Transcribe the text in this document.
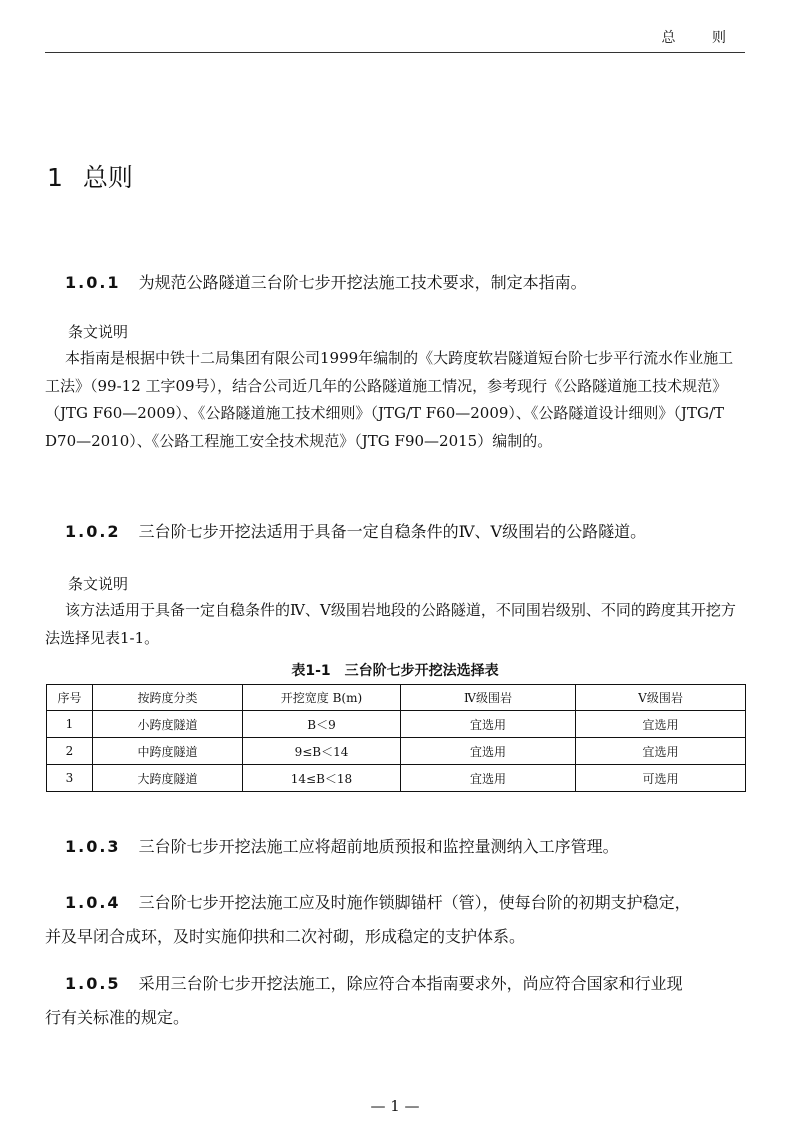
总 则
1 总则
1.0.1 为规范公路隧道三台阶七步开挖法施工技术要求，制定本指南。
条文说明
本指南是根据中铁十二局集团有限公司1999年编制的《大跨度软岩隧道短台阶七步平行流水作业施工工法》（99-12 工字09号），结合公司近几年的公路隧道施工情况，参考现行《公路隧道施工技术规范》（JTG F60—2009）、《公路隧道施工技术细则》（JTG/T F60—2009）、《公路隧道设计细则》（JTG/T D70—2010）、《公路工程施工安全技术规范》（JTG F90—2015）编制的。
1.0.2 三台阶七步开挖法适用于具备一定自稳条件的Ⅳ、Ⅴ级围岩的公路隧道。
条文说明
该方法适用于具备一定自稳条件的Ⅳ、Ⅴ级围岩地段的公路隧道，不同围岩级别、不同的跨度其开挖方法选择见表1-1。
表1-1 三台阶七步开挖法选择表
序号	按跨度分类	开挖宽度 B(m)	Ⅳ级围岩	Ⅴ级围岩
1	小跨度隧道	B＜9	宜选用	宜选用
2	中跨度隧道	9≤B＜14	宜选用	宜选用
3	大跨度隧道	14≤B＜18	宜选用	可选用
1.0.3 三台阶七步开挖法施工应将超前地质预报和监控量测纳入工序管理。
1.0.4 三台阶七步开挖法施工应及时施作锁脚锚杆（管），使每台阶的初期支护稳定，
并及早闭合成环，及时实施仰拱和二次衬砌，形成稳定的支护体系。
1.0.5 采用三台阶七步开挖法施工，除应符合本指南要求外，尚应符合国家和行业现
行有关标准的规定。
— 1 —
